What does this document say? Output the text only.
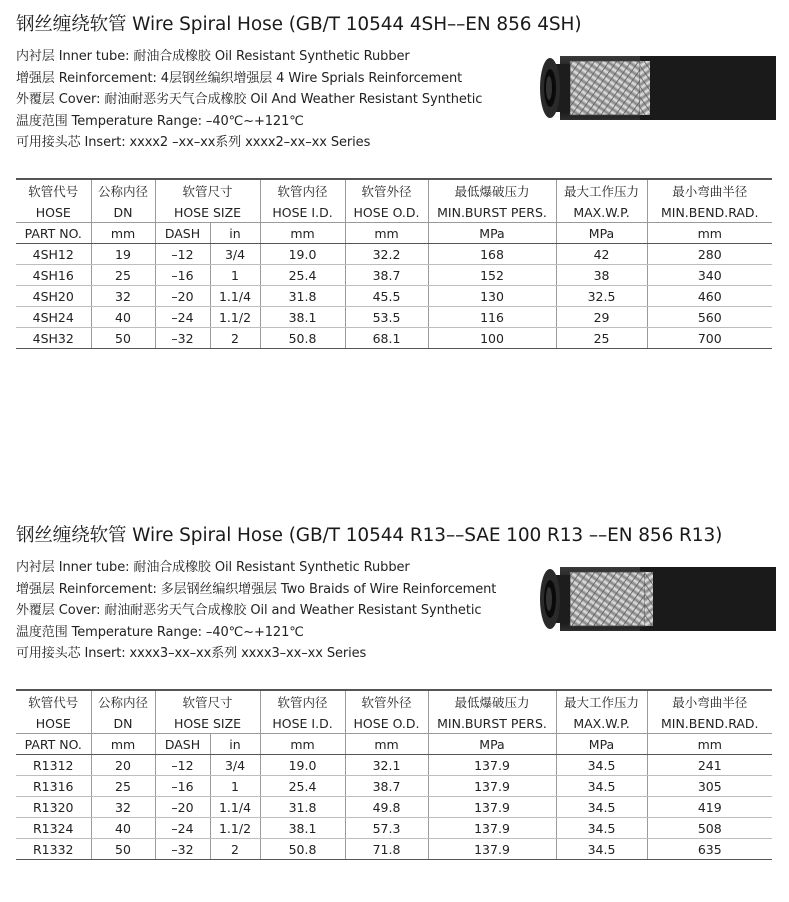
钢丝缠绕软管 Wire Spiral Hose (GB/T 10544 4SH––EN 856 4SH)
内衬层 Inner tube: 耐油合成橡胶 Oil Resistant Synthetic Rubber
增强层 Reinforcement: 4层钢丝编织增强层 4 Wire Sprials Reinforcement
外覆层 Cover: 耐油耐恶劣天气合成橡胶 Oil And Weather Resistant Synthetic
温度范围 Temperature Range: –40℃~+121℃
可用接头芯 Insert: xxxx2 –xx–xx系列 xxxx2–xx–xx Series
软管代号	公称内径	软管尺寸		软管内径	软管外径	最低爆破压力	最大工作压力	最小弯曲半径
HOSE	DN	HOSE SIZE		HOSE I.D.	HOSE O.D.	MIN.BURST PERS.	MAX.W.P.	MIN.BEND.RAD.
PART NO.	mm	DASH	in	mm	mm	MPa	MPa	mm
4SH12	19	–12	3/4	19.0	32.2	168	42	280
4SH16	25	–16	1	25.4	38.7	152	38	340
4SH20	32	–20	1.1/4	31.8	45.5	130	32.5	460
4SH24	40	–24	1.1/2	38.1	53.5	116	29	560
4SH32	50	–32	2	50.8	68.1	100	25	700
钢丝缠绕软管 Wire Spiral Hose (GB/T 10544 R13––SAE 100 R13 ––EN 856 R13)
内衬层 Inner tube: 耐油合成橡胶 Oil Resistant Synthetic Rubber
增强层 Reinforcement: 多层钢丝编织增强层 Two Braids of Wire Reinforcement
外覆层 Cover: 耐油耐恶劣天气合成橡胶 Oil and Weather Resistant Synthetic
温度范围 Temperature Range: –40℃~+121℃
可用接头芯 Insert: xxxx3–xx–xx系列 xxxx3–xx–xx Series
软管代号	公称内径	软管尺寸		软管内径	软管外径	最低爆破压力	最大工作压力	最小弯曲半径
HOSE	DN	HOSE SIZE		HOSE I.D.	HOSE O.D.	MIN.BURST PERS.	MAX.W.P.	MIN.BEND.RAD.
PART NO.	mm	DASH	in	mm	mm	MPa	MPa	mm
R1312	20	–12	3/4	19.0	32.1	137.9	34.5	241
R1316	25	–16	1	25.4	38.7	137.9	34.5	305
R1320	32	–20	1.1/4	31.8	49.8	137.9	34.5	419
R1324	40	–24	1.1/2	38.1	57.3	137.9	34.5	508
R1332	50	–32	2	50.8	71.8	137.9	34.5	635
